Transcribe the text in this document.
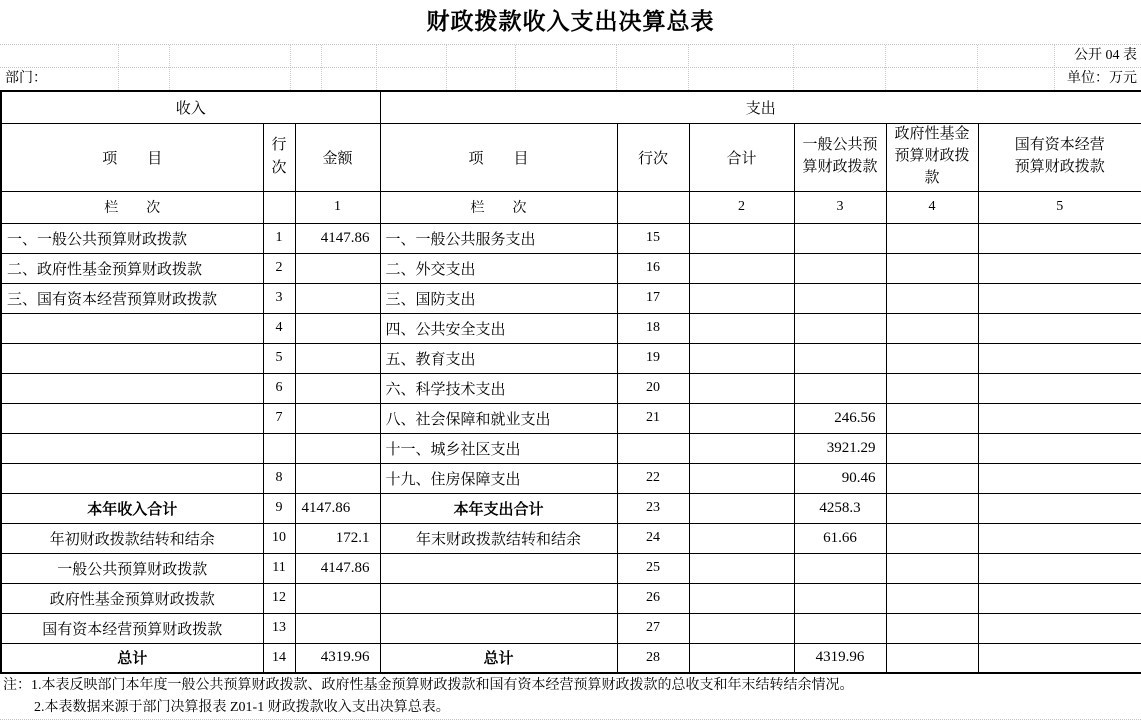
财政拨款收入支出决算总表
公开 04 表
部门：	单位：万元
收入			支出					
项　　目	行次	金额	项　　目	行次	合计	一般公共预算财政拨款	政府性基金预算财政拨款	国有资本经营预算财政拨款

栏　　次		1	栏　　次		2	3	4	5
一、一般公共预算财政拨款	1	4147.86	一、一般公共服务支出	15				
二、政府性基金预算财政拨款	2		二、外交支出	16				
三、国有资本经营预算财政拨款	3		三、国防支出	17				
	4		四、公共安全支出	18				
	5		五、教育支出	19				
	6		六、科学技术支出	20				
	7		八、社会保障和就业支出	21		246.56		
			十一、城乡社区支出			3921.29		
	8		十九、住房保障支出	22		90.46		
本年收入合计	9	4147.86	本年支出合计	23		4258.3		
年初财政拨款结转和结余	10	172.1	年末财政拨款结转和结余	24		61.66		
一般公共预算财政拨款	11	4147.86		25				
政府性基金预算财政拨款	12			26				
国有资本经营预算财政拨款	13			27				
总计	14	4319.96	总计	28		4319.96		
注：1.本表反映部门本年度一般公共预算财政拨款、政府性基金预算财政拨款和国有资本经营预算财政拨款的总收支和年末结转结余情况。
2.本表数据来源于部门决算报表 Z01-1 财政拨款收入支出决算总表。
